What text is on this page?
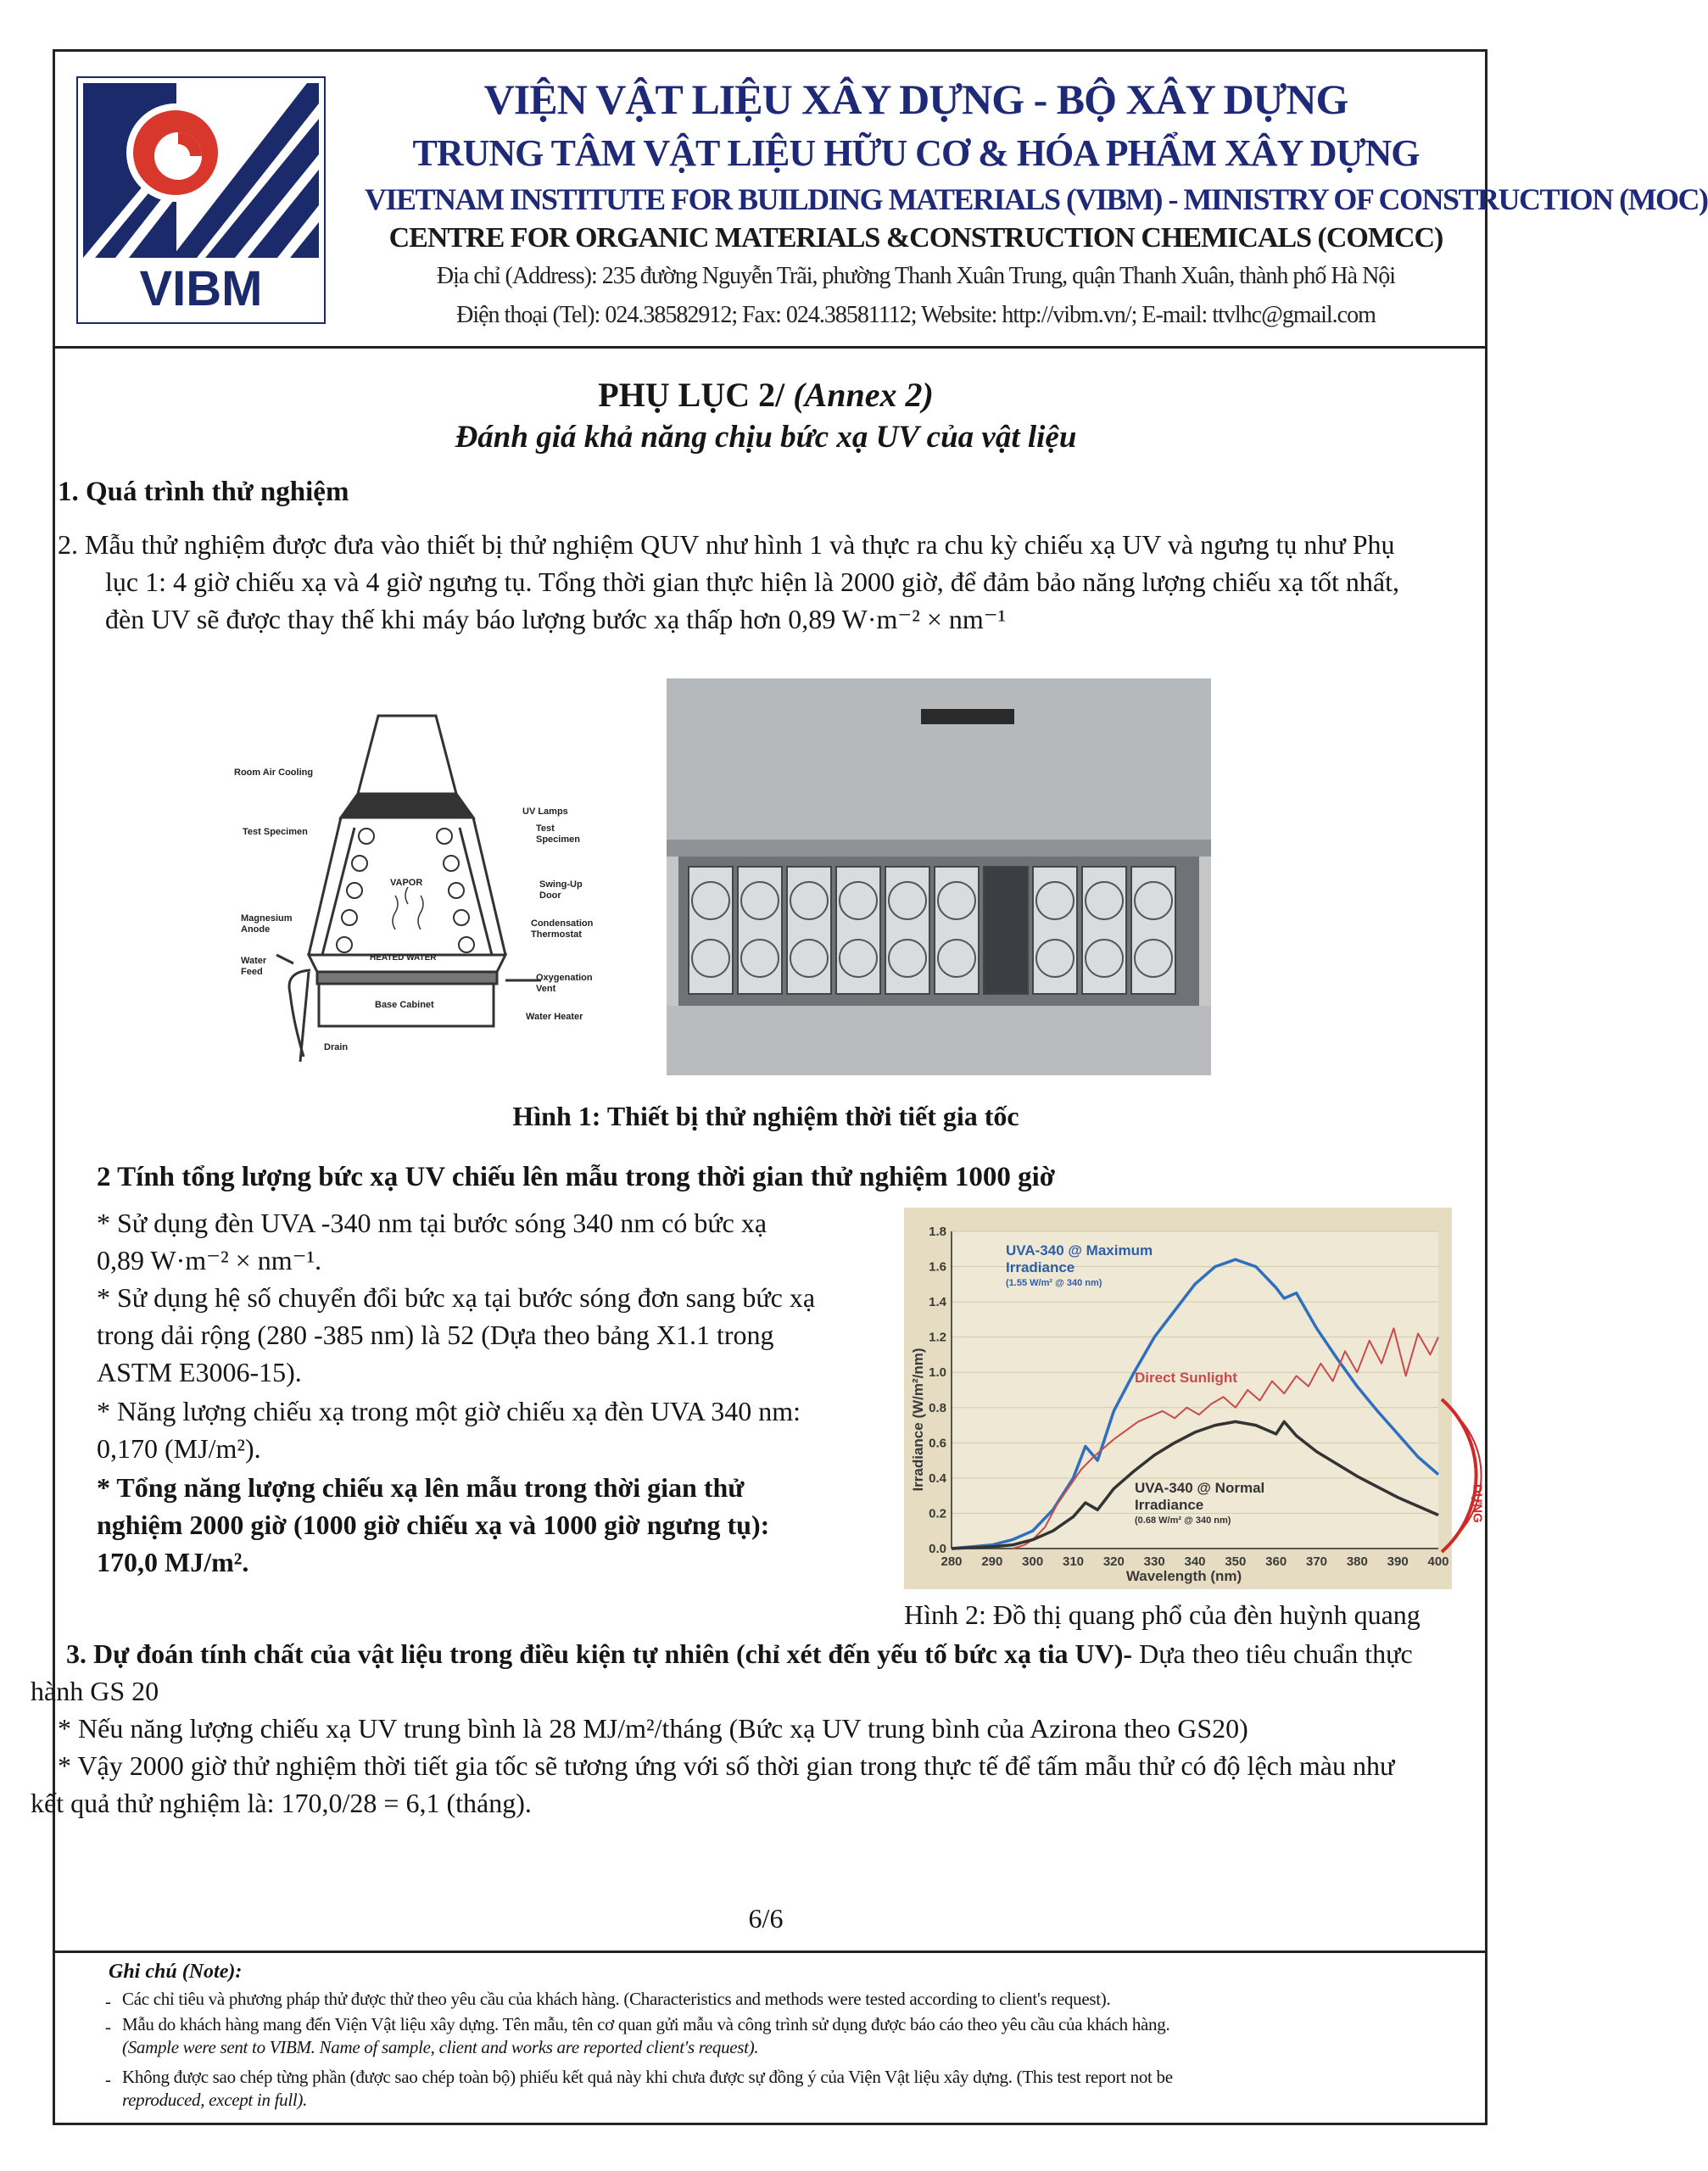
VIBM
VIỆN VẬT LIỆU XÂY DỰNG - BỘ XÂY DỰNG
TRUNG TÂM VẬT LIỆU HỮU CƠ & HÓA PHẨM XÂY DỰNG
VIETNAM INSTITUTE FOR BUILDING MATERIALS (VIBM) - MINISTRY OF CONSTRUCTION (MOC)
CENTRE FOR ORGANIC MATERIALS &CONSTRUCTION CHEMICALS (COMCC)
Địa chỉ (Address): 235 đường Nguyễn Trãi, phường Thanh Xuân Trung, quận Thanh Xuân, thành phố Hà Nội
Điện thoại (Tel): 024.38582912; Fax: 024.38581112; Website: http://vibm.vn/; E-mail: ttvlhc@gmail.com
PHỤ LỤC 2/ (Annex 2)
Đánh giá khả năng chịu bức xạ UV của vật liệu
1. Quá trình thử nghiệm
2. Mẫu thử nghiệm được đưa vào thiết bị thử nghiệm QUV như hình 1 và thực ra chu kỳ chiếu xạ UV và ngưng tụ như Phụ
lục 1: 4 giờ chiếu xạ và 4 giờ ngưng tụ. Tổng thời gian thực hiện là 2000 giờ, để đảm bảo năng lượng chiếu xạ tốt nhất,
đèn UV sẽ được thay thế khi máy báo lượng bước xạ thấp hơn 0,89 W·m⁻² × nm⁻¹
Room Air Cooling
UV Lamps
Test Specimen	Test
Specimen
VAPOR	Swing-Up
Door
Magnesium
Anode
Condensation
Thermostat
Water
Feed
HEATED WATER
Oxygenation
Vent
Base Cabinet
Water Heater
Drain
Hình 1: Thiết bị thử nghiệm thời tiết gia tốc
2 Tính tổng lượng bức xạ UV chiếu lên mẫu trong thời gian thử nghiệm 1000 giờ
* Sử dụng đèn UVA -340 nm tại bước sóng 340 nm có bức xạ
0,89 W·m⁻² × nm⁻¹.
* Sử dụng hệ số chuyển đổi bức xạ tại bước sóng đơn sang bức xạ
trong dải rộng (280 -385 nm) là 52 (Dựa theo bảng X1.1 trong
ASTM E3006-15).
* Năng lượng chiếu xạ trong một giờ chiếu xạ đèn UVA 340 nm:
0,170 (MJ/m²).
* Tổng năng lượng chiếu xạ lên mẫu trong thời gian thử
nghiệm 2000 giờ (1000 giờ chiếu xạ và 1000 giờ ngưng tụ):
170,0 MJ/m².	0.0
0.2
0.4
0.6
0.8
1.0
1.2
1.4
1.6
1.8
280 290 300 310 320 330 340 350 360 370 380 390 400
Irradiance (W/m²/nm)
Wavelength (nm)
UVA-340 @ Maximum
Irradiance
(1.55 W/m² @ 340 nm)
Direct Sunlight
UVA-340 @ Normal
Irradiance
(0.68 W/m² @ 340 nm)	DỰNG
Hình 2: Đồ thị quang phổ của đèn huỳnh quang
3. Dự đoán tính chất của vật liệu trong điều kiện tự nhiên (chỉ xét đến yếu tố bức xạ tia UV)- Dựa theo tiêu chuẩn thực
hành GS 20
* Nếu năng lượng chiếu xạ UV trung bình là 28 MJ/m²/tháng (Bức xạ UV trung bình của Azirona theo GS20)
* Vậy 2000 giờ thử nghiệm thời tiết gia tốc sẽ tương ứng với số thời gian trong thực tế để tấm mẫu thử có độ lệch màu như
kết quả thử nghiệm là: 170,0/28 = 6,1 (tháng).
6/6
Ghi chú (Note):
- Các chỉ tiêu và phương pháp thử được thử theo yêu cầu của khách hàng. (Characteristics and methods were tested according to client's request).
- Mẫu do khách hàng mang đến Viện Vật liệu xây dựng. Tên mẫu, tên cơ quan gửi mẫu và công trình sử dụng được báo cáo theo yêu cầu của khách hàng.
(Sample were sent to VIBM. Name of sample, client and works are reported client's request).
- Không được sao chép từng phần (được sao chép toàn bộ) phiếu kết quả này khi chưa được sự đồng ý của Viện Vật liệu xây dựng. (This test report not be
reproduced, except in full).
